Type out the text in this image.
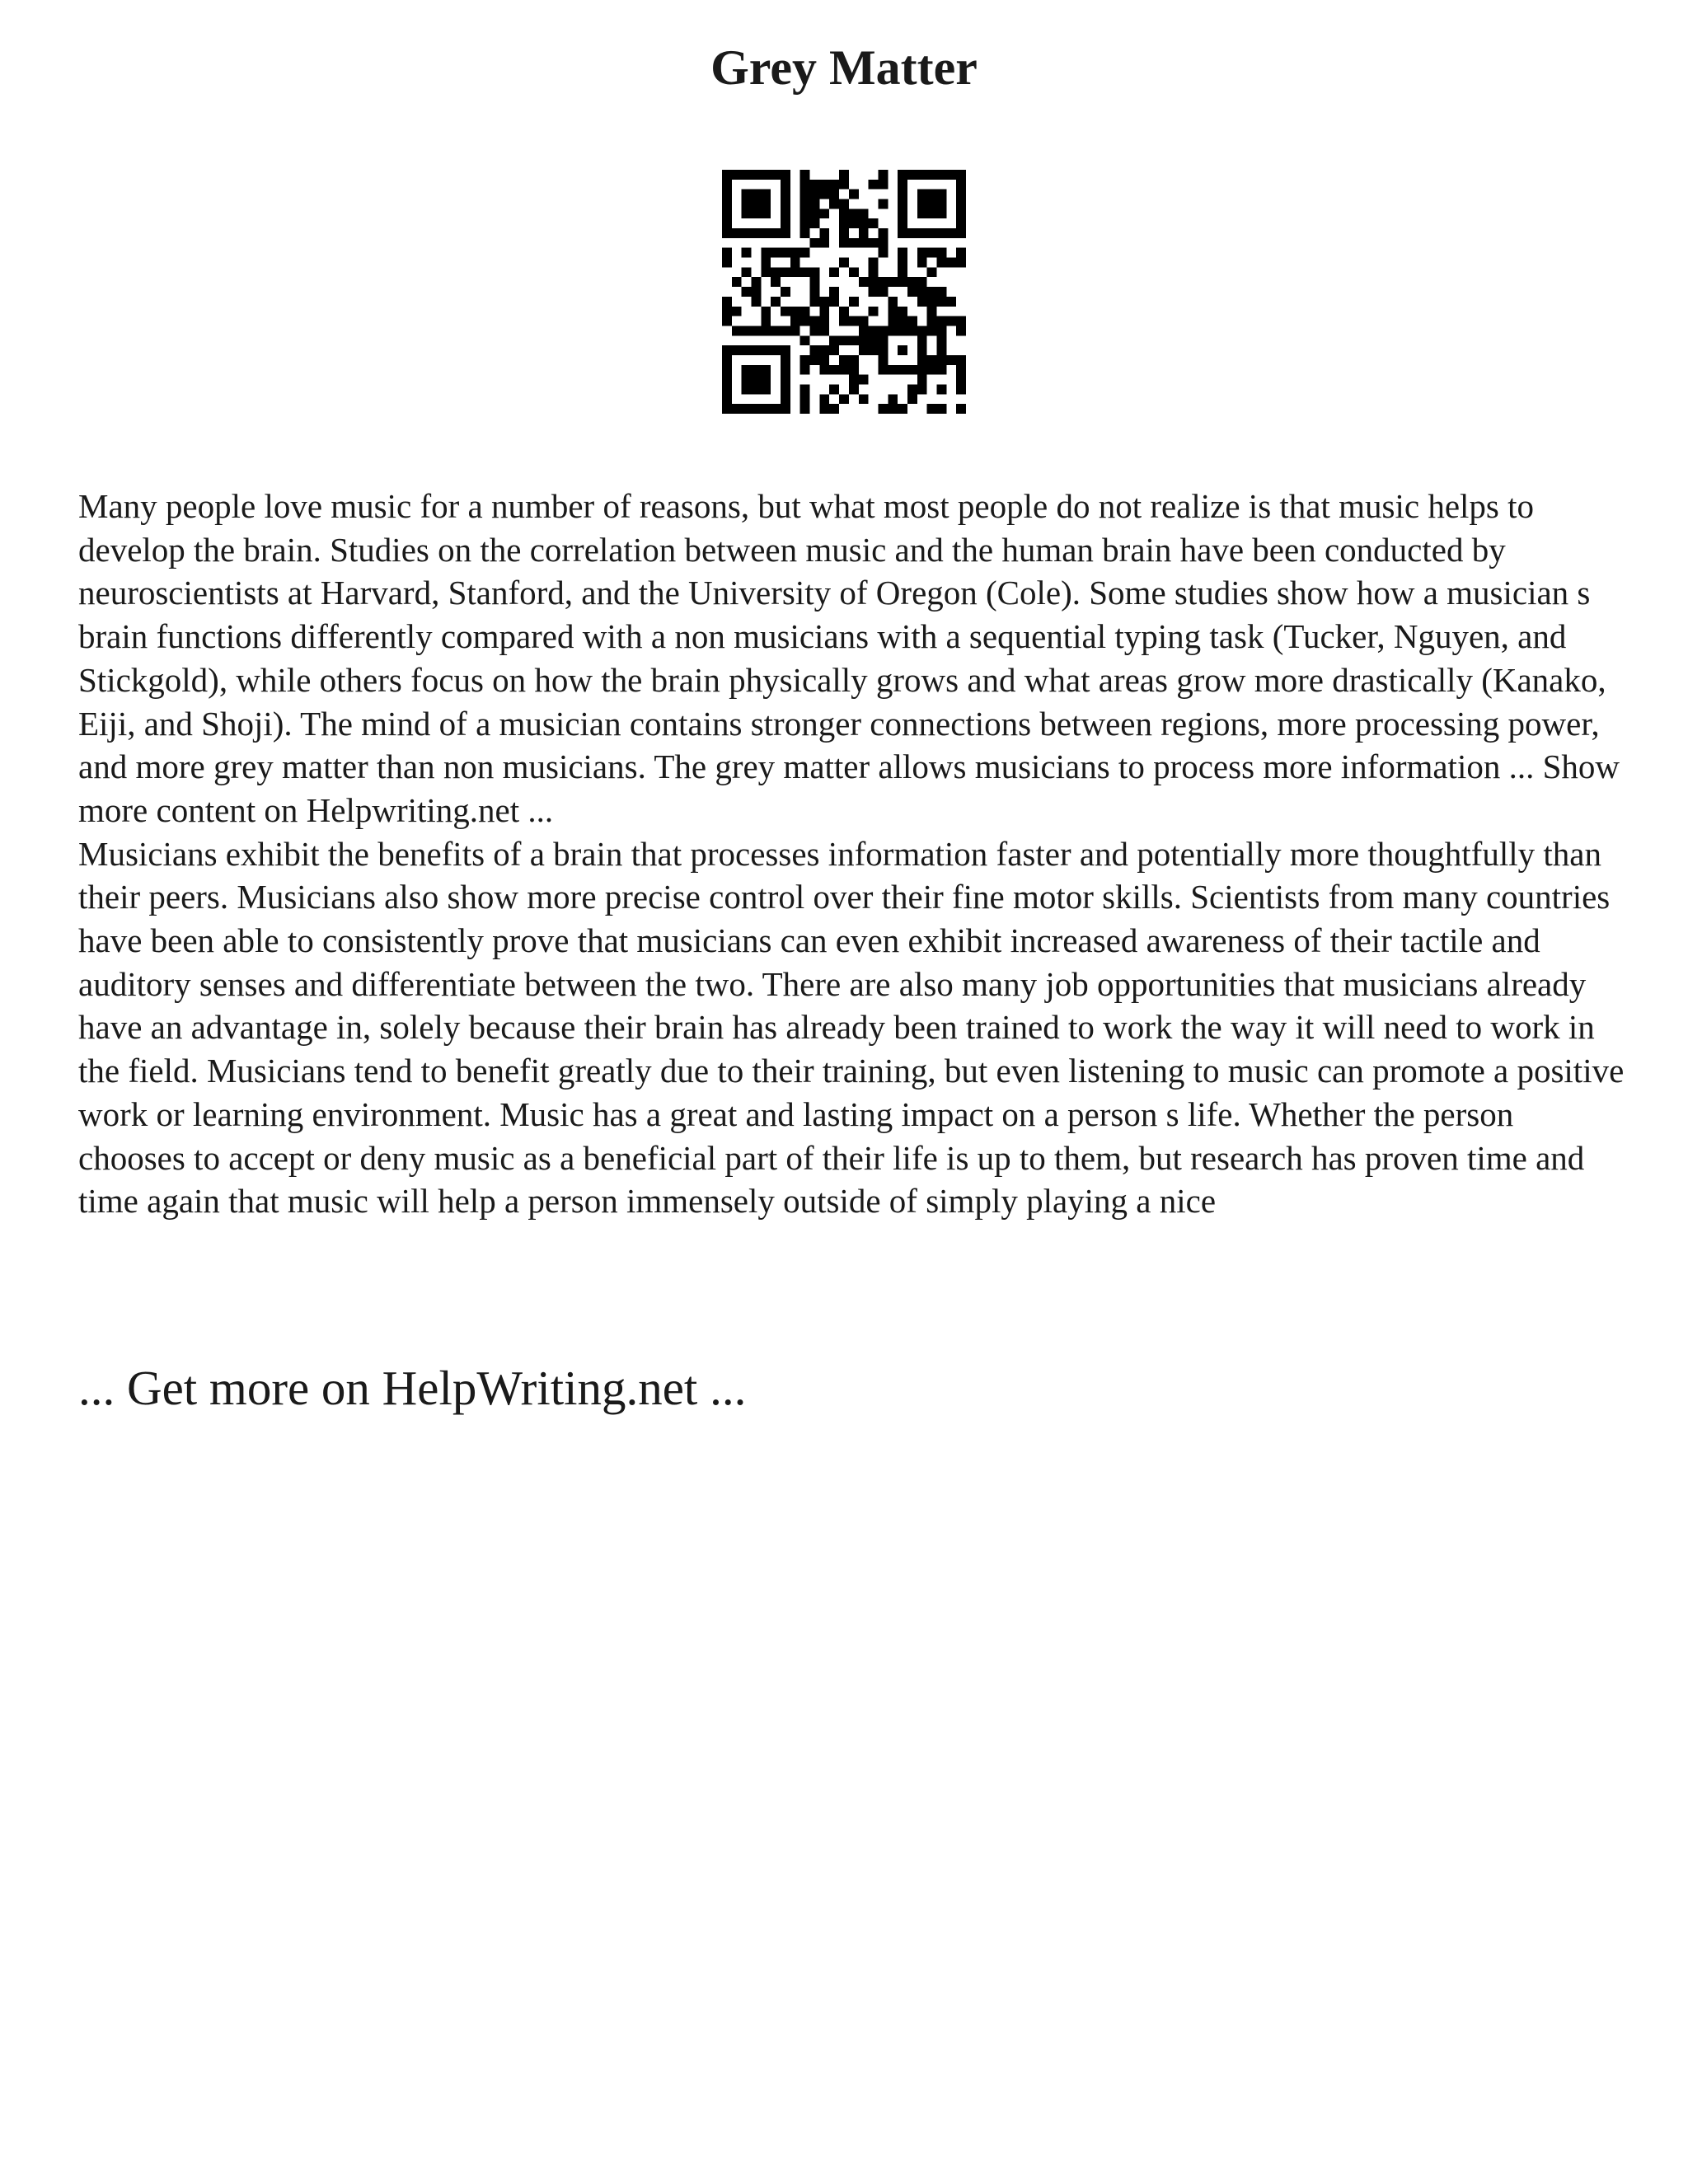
Grey Matter

Many people love music for a number of reasons, but what most people do not realize is that music helps to develop the brain. Studies on the correlation between music and the human brain have been conducted by neuroscientists at Harvard, Stanford, and the University of Oregon (Cole). Some studies show how a musician s brain functions differently compared with a non musicians with a sequential typing task (Tucker, Nguyen, and Stickgold), while others focus on how the brain physically grows and what areas grow more drastically (Kanako, Eiji, and Shoji). The mind of a musician contains stronger connections between regions, more processing power, and more grey matter than non musicians. The grey matter allows musicians to process more information ... Show more content on Helpwriting.net ...

Musicians exhibit the benefits of a brain that processes information faster and potentially more thoughtfully than their peers. Musicians also show more precise control over their fine motor skills. Scientists from many countries have been able to consistently prove that musicians can even exhibit increased awareness of their tactile and auditory senses and differentiate between the two. There are also many job opportunities that musicians already have an advantage in, solely because their brain has already been trained to work the way it will need to work in the field. Musicians tend to benefit greatly due to their training, but even listening to music can promote a positive work or learning environment. Music has a great and lasting impact on a person s life. Whether the person chooses to accept or deny music as a beneficial part of their life is up to them, but research has proven time and time again that music will help a person immensely outside of simply playing a nice

... Get more on HelpWriting.net ...
